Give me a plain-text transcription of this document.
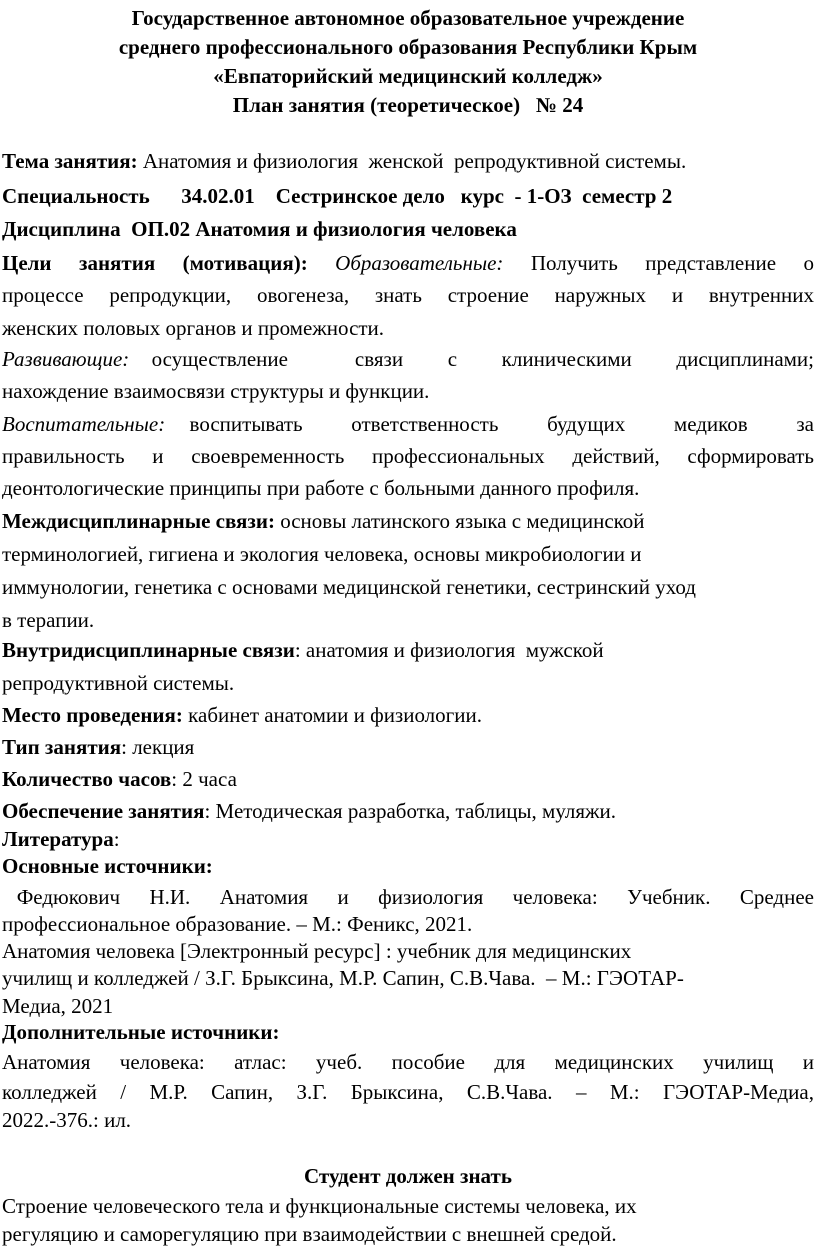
Государственное автономное образовательное учреждение
среднего профессионального образования Республики Крым
«Евпаторийский медицинский колледж»
План занятия (теоретическое)   № 24
Тема занятия: Анатомия и физиология  женской  репродуктивной системы.
Специальность      34.02.01    Сестринское дело   курс  - 1-ОЗ  семестр 2
Дисциплина  ОП.02 Анатомия и физиология человека
Цели занятия (мотивация): Образовательные: Получить представление о
процессе репродукции, овогенеза, знать строение наружных и внутренних
женских половых органов и промежности.
Развивающие: осуществление   связи  с  клиническими  дисциплинами;
нахождение взаимосвязи структуры и функции.
Воспитательные: воспитывать  ответственность  будущих  медиков  за
правильность и своевременность профессиональных действий, сформировать
деонтологические принципы при работе с больными данного профиля.
Междисциплинарные связи: основы латинского языка с медицинской
терминологией, гигиена и экология человека, основы микробиологии и
иммунологии, генетика с основами медицинской генетики, сестринский уход
в терапии.
Внутридисциплинарные связи: анатомия и физиология  мужской
репродуктивной системы.
Место проведения: кабинет анатомии и физиологии.
Тип занятия: лекция
Количество часов: 2 часа
Обеспечение занятия: Методическая разработка, таблицы, муляжи.
Литература:
Основные источники:
Федюкович  Н.И.  Анатомия  и  физиология  человека:  Учебник.  Среднее
профессиональное образование. – М.: Феникс, 2021.
Анатомия человека [Электронный ресурс] : учебник для медицинских
училищ и колледжей / З.Г. Брыксина, М.Р. Сапин, С.В.Чава.  – М.: ГЭОТАР-
Медиа, 2021
Дополнительные источники:
Анатомия  человека:  атлас:  учеб.  пособие  для  медицинских  училищ  и
колледжей  /  М.Р.  Сапин,  З.Г.  Брыксина,  С.В.Чава.  –  М.:  ГЭОТАР-Медиа,
2022.-376.: ил.
Студент должен знать
Строение человеческого тела и функциональные системы человека, их
регуляцию и саморегуляцию при взаимодействии с внешней средой.
